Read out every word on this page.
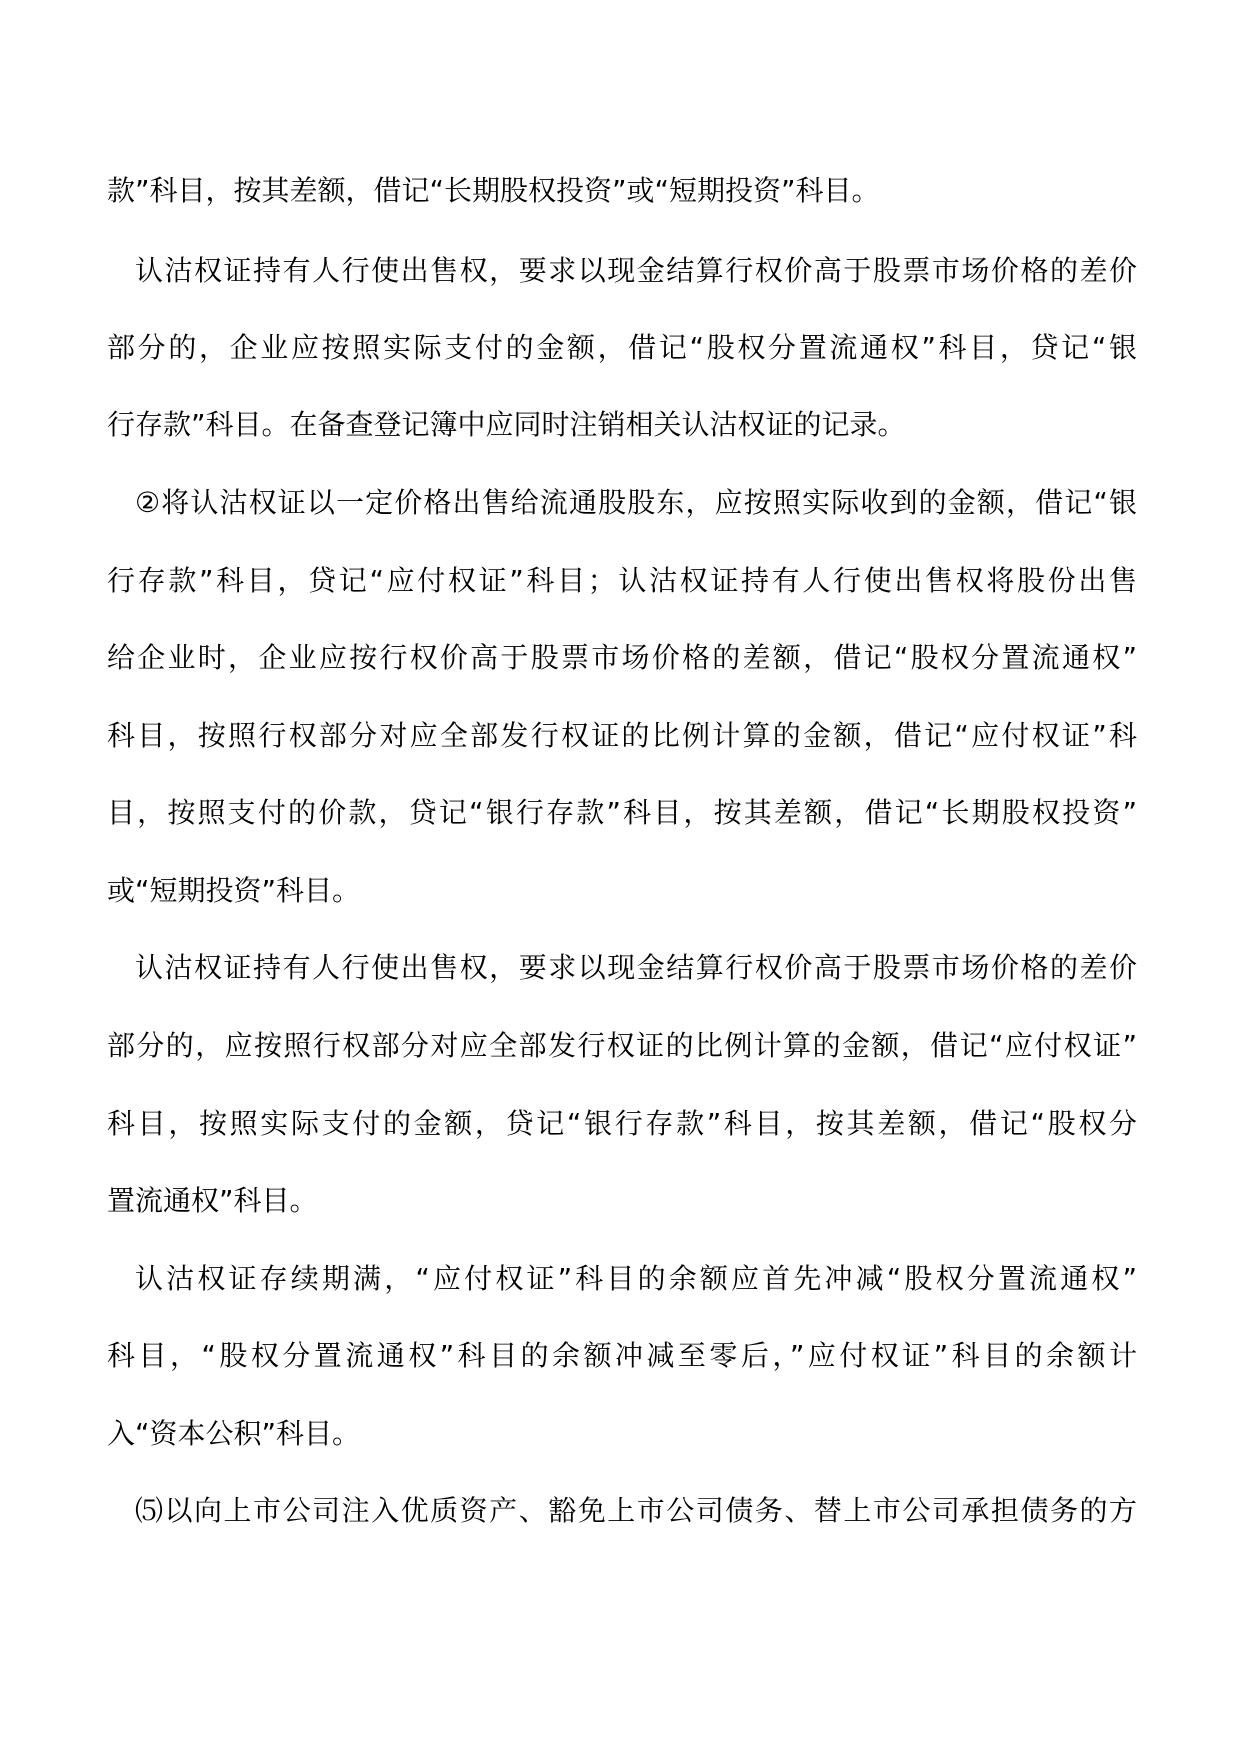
款”科目，按其差额，借记“长期股权投资”或“短期投资”科目。
认沽权证持有人行使出售权，要求以现金结算行权价高于股票市场价格的差价
部分的，企业应按照实际支付的金额，借记“股权分置流通权”科目，贷记“银
行存款”科目。在备查登记簿中应同时注销相关认沽权证的记录。
②将认沽权证以一定价格出售给流通股股东，应按照实际收到的金额，借记“银
行存款”科目，贷记“应付权证”科目；认沽权证持有人行使出售权将股份出售
给企业时，企业应按行权价高于股票市场价格的差额，借记“股权分置流通权”
科目，按照行权部分对应全部发行权证的比例计算的金额，借记“应付权证”科
目，按照支付的价款，贷记“银行存款”科目，按其差额，借记“长期股权投资”
或“短期投资”科目。
认沽权证持有人行使出售权，要求以现金结算行权价高于股票市场价格的差价
部分的，应按照行权部分对应全部发行权证的比例计算的金额，借记“应付权证”
科目，按照实际支付的金额，贷记“银行存款”科目，按其差额，借记“股权分
置流通权”科目。
认沽权证存续期满，“应付权证”科目的余额应首先冲减“股权分置流通权”
科目，“股权分置流通权”科目的余额冲减至零后，”应付权证”科目的余额计
入“资本公积”科目。
⑸以向上市公司注入优质资产、豁免上市公司债务、替上市公司承担债务的方
